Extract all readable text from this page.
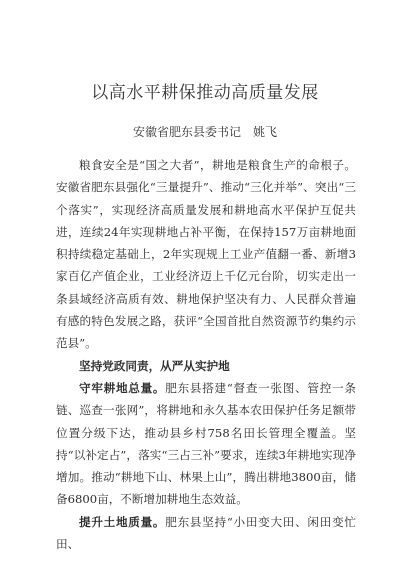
以高水平耕保推动高质量发展
安徽省肥东县委书记 姚飞

粮食安全是“国之大者”，耕地是粮食生产的命根子。安徽省肥东县强化“三量提升”、推动“三化并举”、突出“三个落实”，实现经济高质量发展和耕地高水平保护互促共进，连续24年实现耕地占补平衡，在保持157万亩耕地面积持续稳定基础上，2年实现规上工业产值翻一番、新增3家百亿产值企业，工业经济迈上千亿元台阶，切实走出一条县域经济高质有效、耕地保护坚决有力、人民群众普遍有感的特色发展之路，获评“全国首批自然资源节约集约示范县”。

坚持党政同责，从严从实护地

守牢耕地总量。肥东县搭建“督查一张图、管控一条链、巡查一张网”，将耕地和永久基本农田保护任务足额带位置分级下达，推动县乡村758名田长管理全覆盖。坚持“以补定占”，落实“三占三补”要求，连续3年耕地实现净增加。推动“耕地下山、林果上山”，腾出耕地3800亩，储备6800亩，不断增加耕地生态效益。

提升土地质量。肥东县坚持“小田变大田、闲田变忙田、
